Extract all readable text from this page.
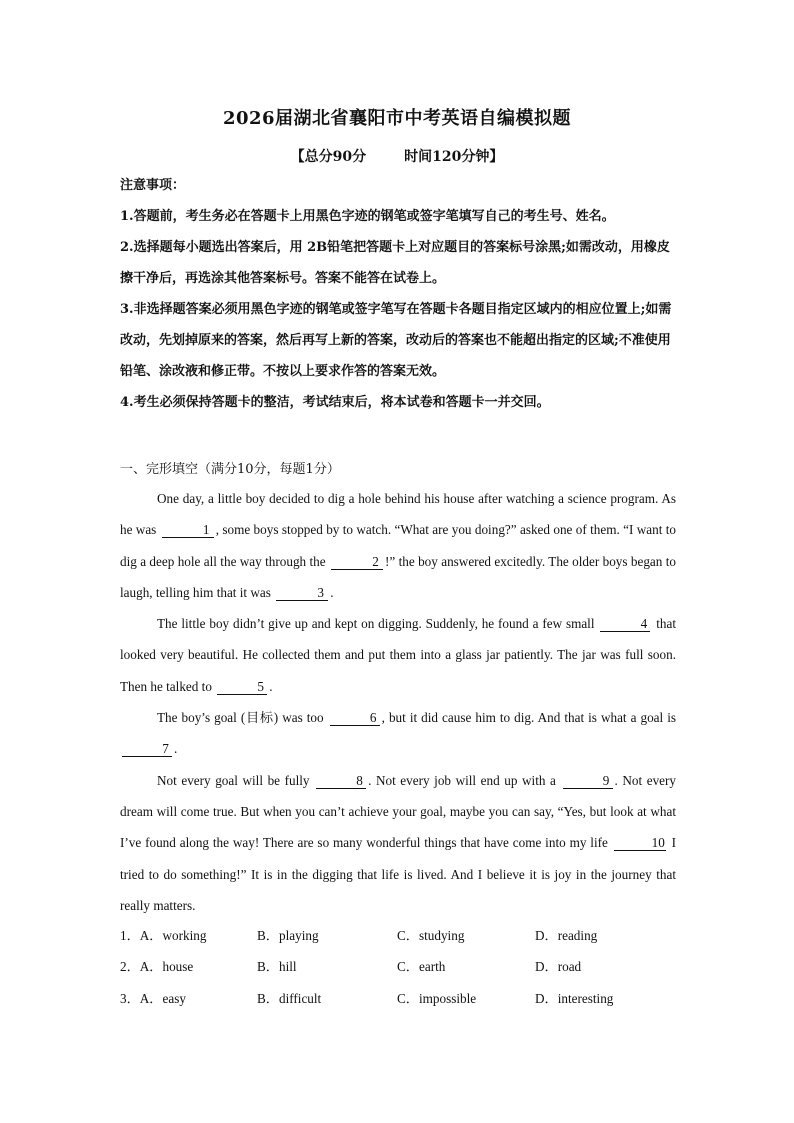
2026届湖北省襄阳市中考英语自编模拟题
【总分90分	时间120分钟】
注意事项：

1.答题前，考生务必在答题卡上用黑色字迹的钢笔或签字笔填写自己的考生号、姓名。

2.选择题每小题选出答案后，用 2B铅笔把答题卡上对应题目的答案标号涂黑;如需改动，用橡皮擦干净后，再选涂其他答案标号。答案不能答在试卷上。

3.非选择题答案必须用黑色字迹的钢笔或签字笔写在答题卡各题目指定区域内的相应位置上;如需改动，先划掉原来的答案，然后再写上新的答案，改动后的答案也不能超出指定的区域;不准使用铅笔、涂改液和修正带。不按以上要求作答的答案无效。

4.考生必须保持答题卡的整洁，考试结束后，将本试卷和答题卡一并交回。

一、完形填空（满分10分，每题1分）

One day, a little boy decided to dig a hole behind his house after watching a science program. As he was	1 , some boys stopped by to watch. “What are you doing?” asked one of them. “I want to dig a deep hole all the way through the	2 !” the boy answered excitedly. The older boys began to laugh, telling him that it was	3 .

The little boy didn’t give up and kept on digging. Suddenly, he found a few small	4 that looked very beautiful. He collected them and put them into a glass jar patiently. The jar was full soon. Then he talked to	5 .

The boy’s goal (目标) was too	6 , but it did cause him to dig. And that is what a goal is 7 .

Not every goal will be fully	8 . Not every job will end up with a	9 . Not every dream will come true. But when you can’t achieve your goal, maybe you can say, “Yes, but look at what I’ve found along the way! There are so many wonderful things that have come into my life	10 I tried to do something!” It is in the digging that life is lived. And I believe it is joy in the journey that really matters.

1．A．working	B．playing	C．studying	D．reading
2．A．house	B．hill	C．earth	D．road
3．A．easy	B．difficult	C．impossible	D．interesting
